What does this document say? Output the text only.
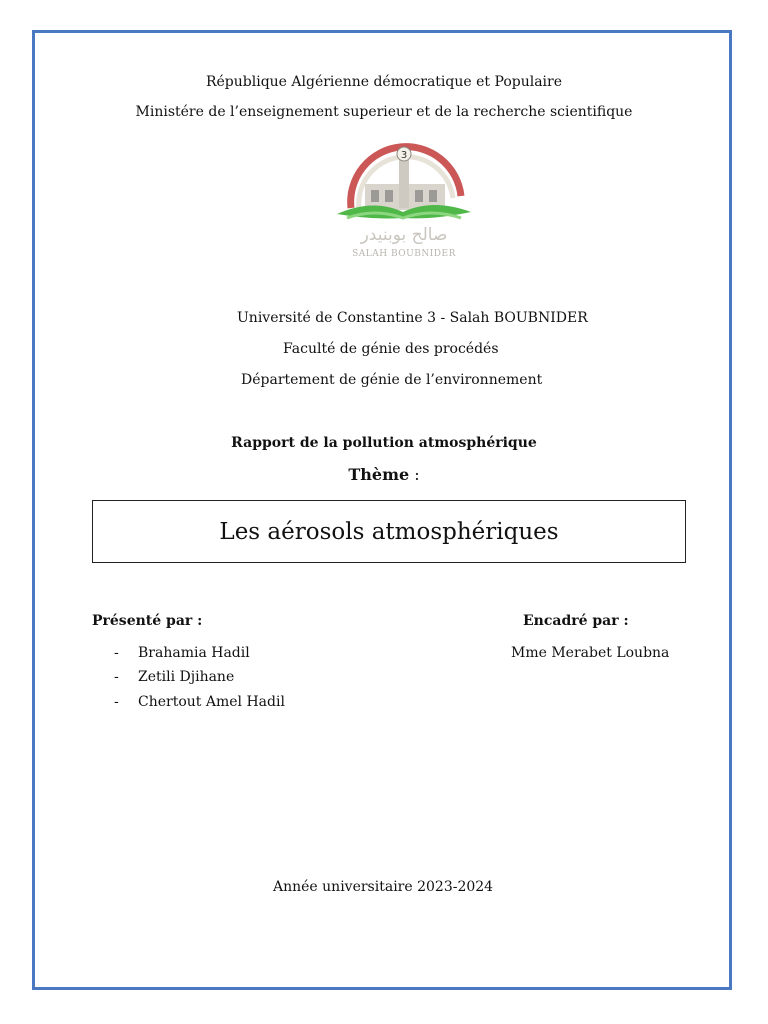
République Algérienne démocratique et Populaire
Ministére de l’enseignement superieur et de la recherche scientifique
3
صالح بوبنيدر
SALAH BOUBNIDER
Université de Constantine 3 - Salah BOUBNIDER
Faculté de génie des procédés
Département de génie de l’environnement
Rapport de la pollution atmosphérique
Thème :
Les aérosols atmosphériques
Présenté par :	Encadré par :
- Brahamia Hadil
- Zetili Djihane
- Chertout Amel Hadil
Mme Merabet Loubna
Année universitaire 2023-2024
